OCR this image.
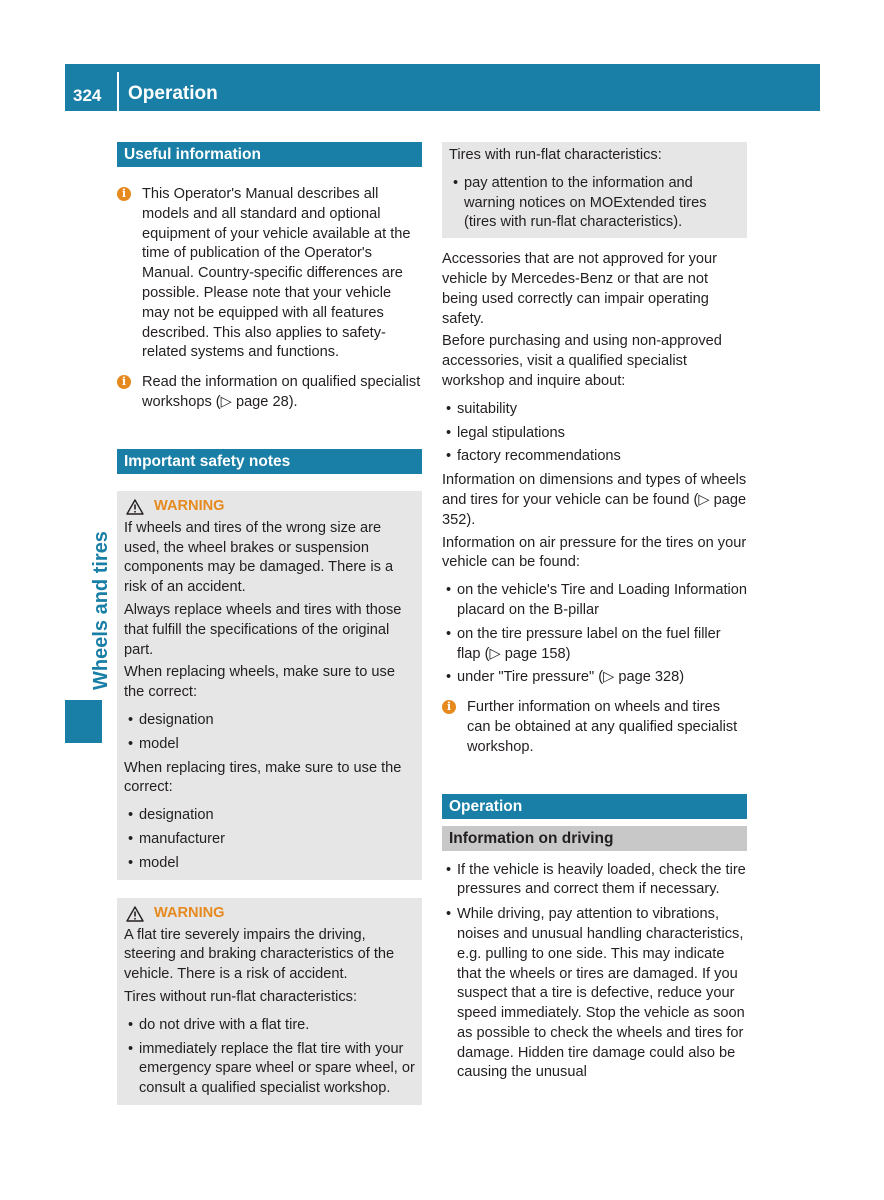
324 Operation
Wheels and tires
Useful information
i	This Operator's Manual describes all models and all standard and optional equipment of your vehicle available at the time of publication of the Operator's Manual. Country-specific differences are possible. Please note that your vehicle may not be equipped with all features described. This also applies to safety-related systems and functions.

i	Read the information on qualified specialist workshops (▷ page 28).

Important safety notes
WARNING

If wheels and tires of the wrong size are used, the wheel brakes or suspension components may be damaged. There is a risk of an accident.

Always replace wheels and tires with those that fulfill the specifications of the original part.

When replacing wheels, make sure to use the correct:

• designation
• model

When replacing tires, make sure to use the correct:

• designation
• manufacturer
• model
WARNING

A flat tire severely impairs the driving, steering and braking characteristics of the vehicle. There is a risk of accident.

Tires without run-flat characteristics:

• do not drive with a flat tire.
• immediately replace the flat tire with your emergency spare wheel or spare wheel, or consult a qualified specialist workshop.

Tires with run-flat characteristics:

• pay attention to the information and warning notices on MOExtended tires (tires with run-flat characteristics).

Accessories that are not approved for your vehicle by Mercedes-Benz or that are not being used correctly can impair operating safety.

Before purchasing and using non-approved accessories, visit a qualified specialist workshop and inquire about:

• suitability
• legal stipulations
• factory recommendations

Information on dimensions and types of wheels and tires for your vehicle can be found (▷ page 352).

Information on air pressure for the tires on your vehicle can be found:

• on the vehicle's Tire and Loading Information placard on the B-pillar
• on the tire pressure label on the fuel filler flap (▷ page 158)
• under "Tire pressure" (▷ page 328)
i	Further information on wheels and tires can be obtained at any qualified specialist workshop.

Operation
Information on driving
• If the vehicle is heavily loaded, check the tire pressures and correct them if necessary.
• While driving, pay attention to vibrations, noises and unusual handling characteristics, e.g. pulling to one side. This may indicate that the wheels or tires are damaged. If you suspect that a tire is defective, reduce your speed immediately. Stop the vehicle as soon as possible to check the wheels and tires for damage. Hidden tire damage could also be causing the unusual
